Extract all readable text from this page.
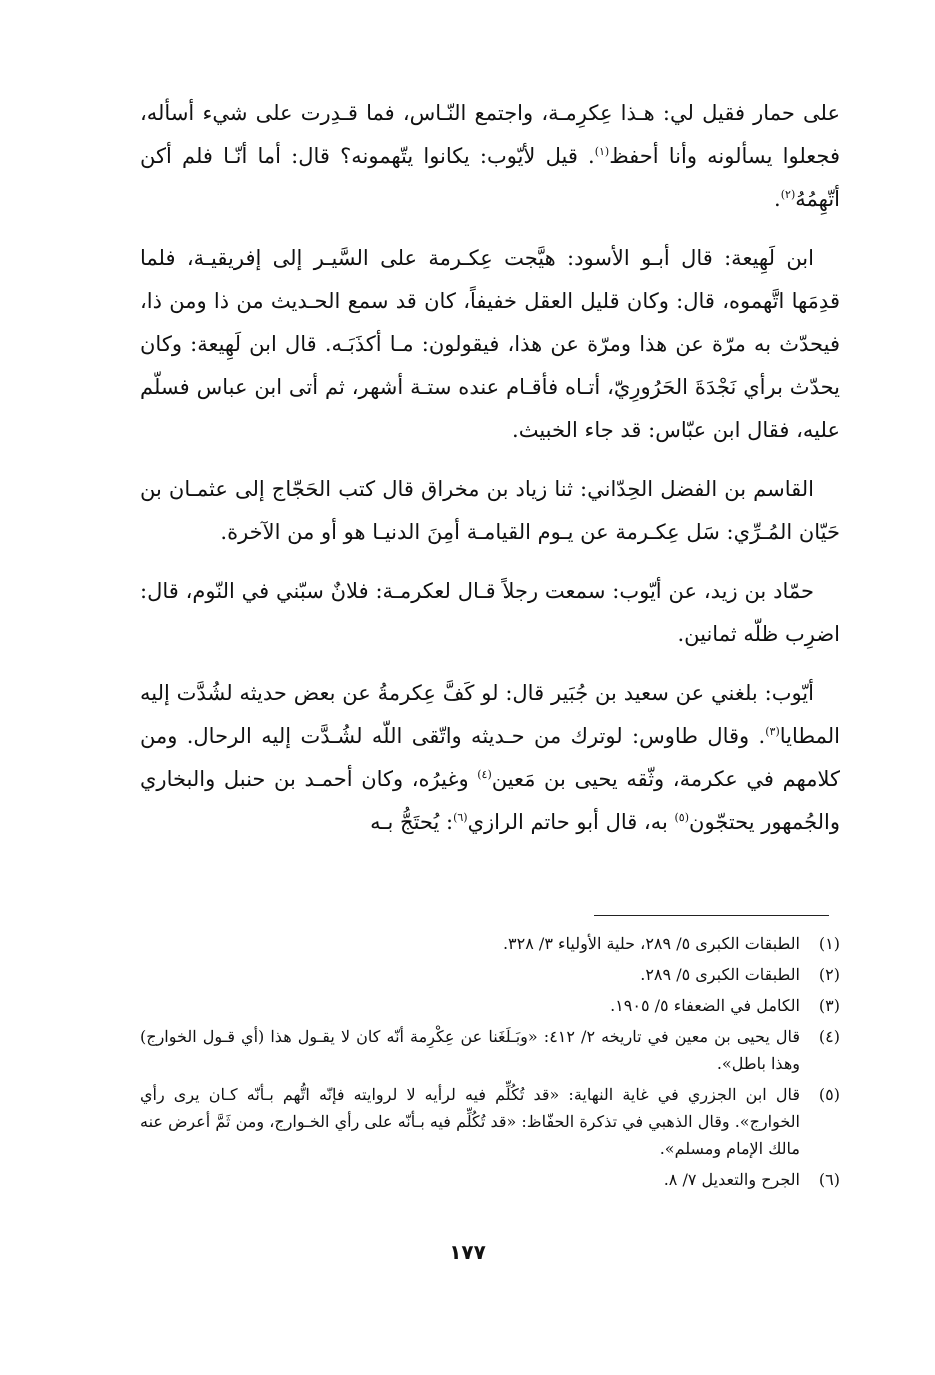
على حمار فقيل لي: هـذا عِكرِمـة، واجتمع النّـاس، فما قـدِرت على شيء أسأله، فجعلوا يسألونه وأنا أحفظ$^{(١)}$. قيل لأيّوب: يكانوا يتّهمونه؟ قال: أما أنّـا فلم أكن أتّهِمُهُ$^{(٢)}$.

ابن لَهِيعة: قال أبـو الأسود: هيَّجت عِكـرمة على السَّيـر إلى إفريقيـة، فلما قدِمَها اتَّهموه، قال: وكان قليل العقل خفيفاً، كان قد سمع الحـديث من ذا ومن ذا، فيحدّث به مرّة عن هذا ومرّة عن هذا، فيقولون: مـا أكذَبَـه. قال ابن لَهِيعة: وكان يحدّث برأي نَجْدَةَ الحَرُورِيّ، أتـاه فأقـام عنده ستـة أشهر، ثم أتى ابن عباس فسلّم عليه، فقال ابن عبّاس: قد جاء الخبيث.

القاسم بن الفضل الحِدّاني: ثنا زياد بن مخراق قال كتب الحَجّاج إلى عثمـان بن حَيّان المُـرِّي: سَل عِكـرمة عن يـوم القيامـة أمِنَ الدنيـا هو أو من الآخرة.

حمّاد بن زيد، عن أيّوب: سمعت رجلاً قـال لعكرمـة: فلانٌ سبّني في النّوم، قال: اضرِب ظلّه ثمانين.

أيّوب: بلغني عن سعيد بن جُبَير قال: لو كَفَّ عِكرمةُ عن بعض حديثه لشُدَّت إليه المطايا$^{(٣)}$. وقال طاوس: لوترك من حـديثه واتّقى اللّه لشُـدَّت إليه الرحال. ومن كلامهم في عكرمة، وثّقه يحيى بن مَعين$^{(٤)}$ وغيرُه، وكان أحمـد بن حنبل والبخاري والجُمهور يحتجّون$^{(٥)}$ به، قال أبو حاتم الرازي$^{(٦)}$: يُحتَجُّ بـه

(١)
الطبقات الكبرى ٥/ ٢٨٩، حلية الأولياء ٣/ ٣٢٨.
(٢)
الطبقات الكبرى ٥/ ٢٨٩.
(٣)
الكامل في الضعفاء ٥/ ١٩٠٥.
(٤)
قال يحيى بن معين في تاريخه ٢/ ٤١٢: «وبَـلَغَنا عن عِكْرِمة أنّه كان لا يقـول هذا (أي قـول الخوارج) وهذا باطل».
(٥)
قال ابن الجزري في غاية النهاية: «قد تُكُلِّم فيه لرأيه لا لروايته فإنّه اتُّهم بـأنّه كـان يرى رأي الخوارج». وقال الذهبي في تذكرة الحفّاظ: «قد تُكُلِّم فيه بـأنّه على رأي الخـوارج، ومن ثَمَّ أعرض عنه مالك الإمام ومسلم».
(٦)
الجرح والتعديل ٧/ ٨.
١٧٧
